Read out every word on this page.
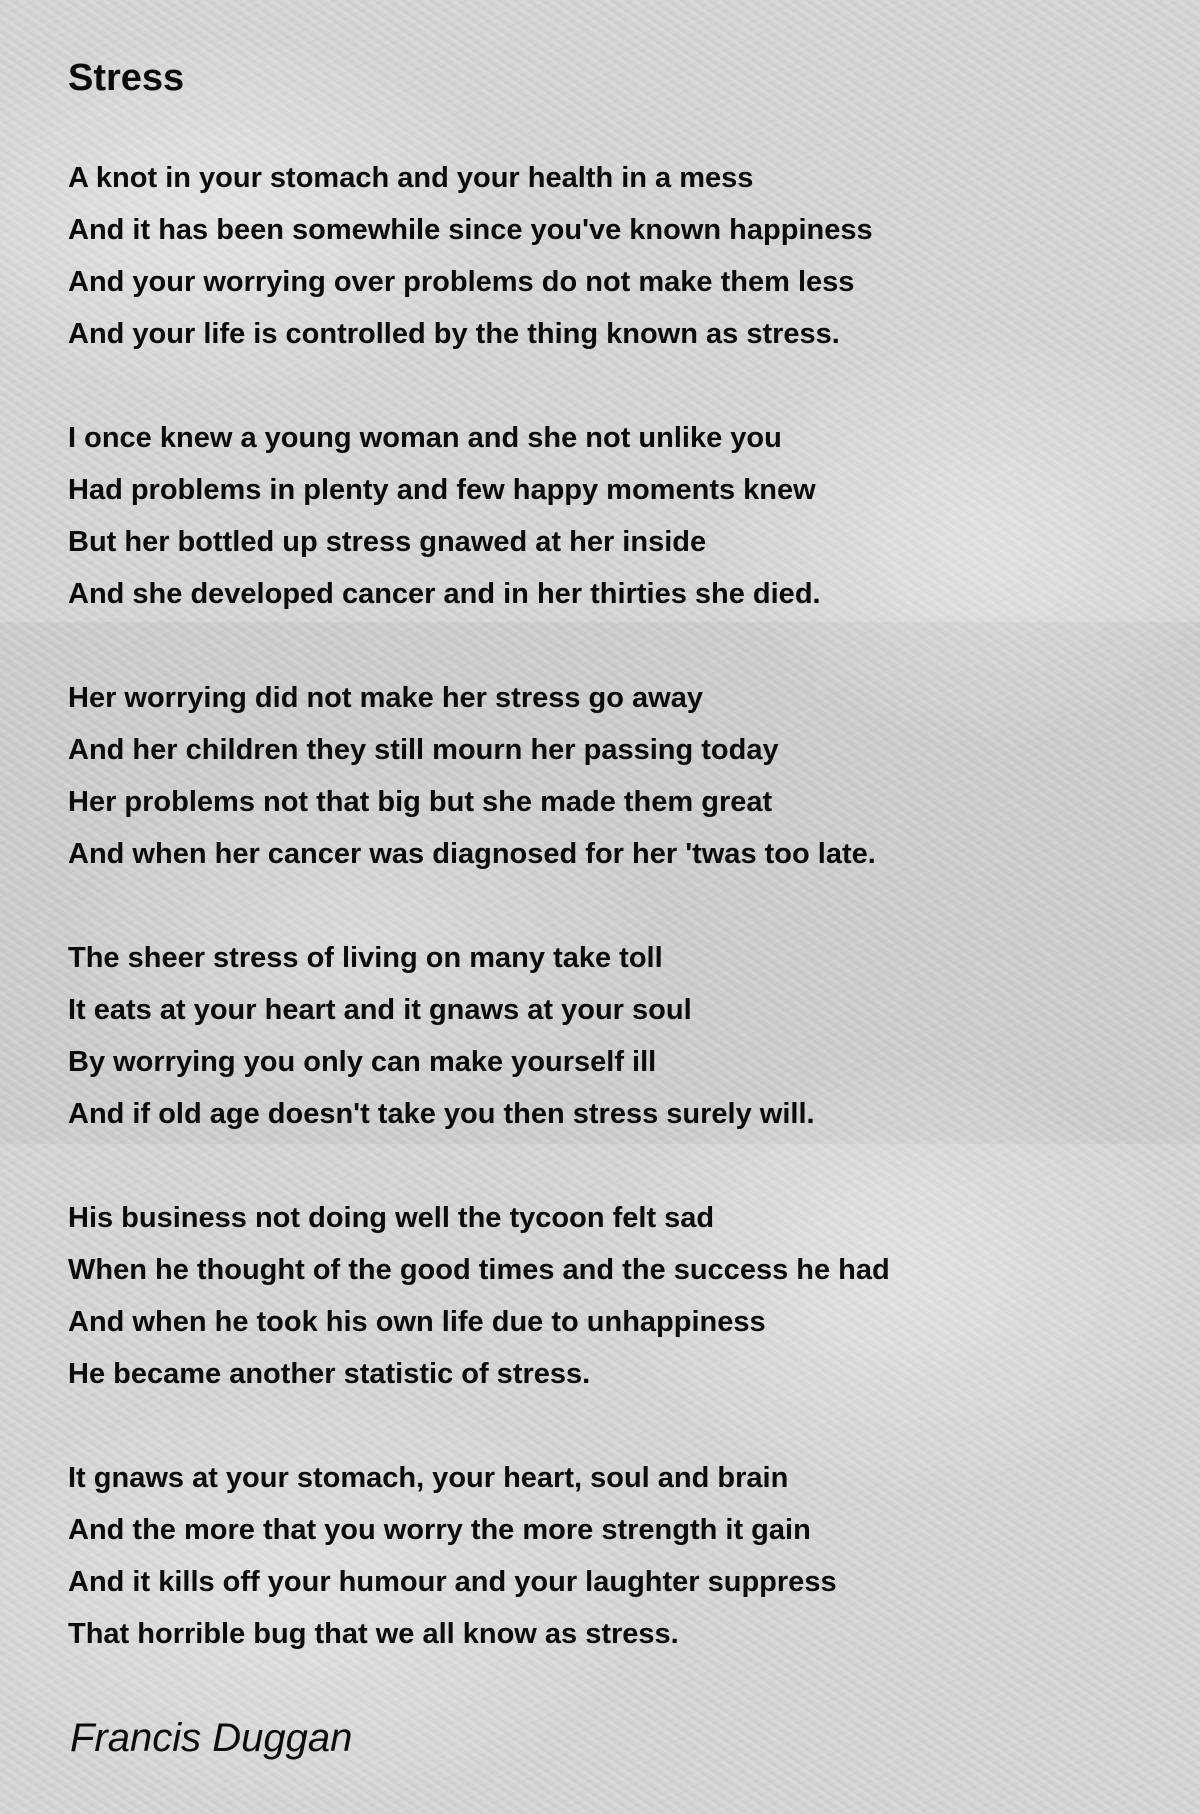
Stress
A knot in your stomach and your health in a mess
And it has been somewhile since you've known happiness
And your worrying over problems do not make them less
And your life is controlled by the thing known as stress.
I once knew a young woman and she not unlike you
Had problems in plenty and few happy moments knew
But her bottled up stress gnawed at her inside
And she developed cancer and in her thirties she died.
Her worrying did not make her stress go away
And her children they still mourn her passing today
Her problems not that big but she made them great
And when her cancer was diagnosed for her 'twas too late.
The sheer stress of living on many take toll
It eats at your heart and it gnaws at your soul
By worrying you only can make yourself ill
And if old age doesn't take you then stress surely will.
His business not doing well the tycoon felt sad
When he thought of the good times and the success he had
And when he took his own life due to unhappiness
He became another statistic of stress.
It gnaws at your stomach, your heart, soul and brain
And the more that you worry the more strength it gain
And it kills off your humour and your laughter suppress
That horrible bug that we all know as stress.
Francis Duggan
